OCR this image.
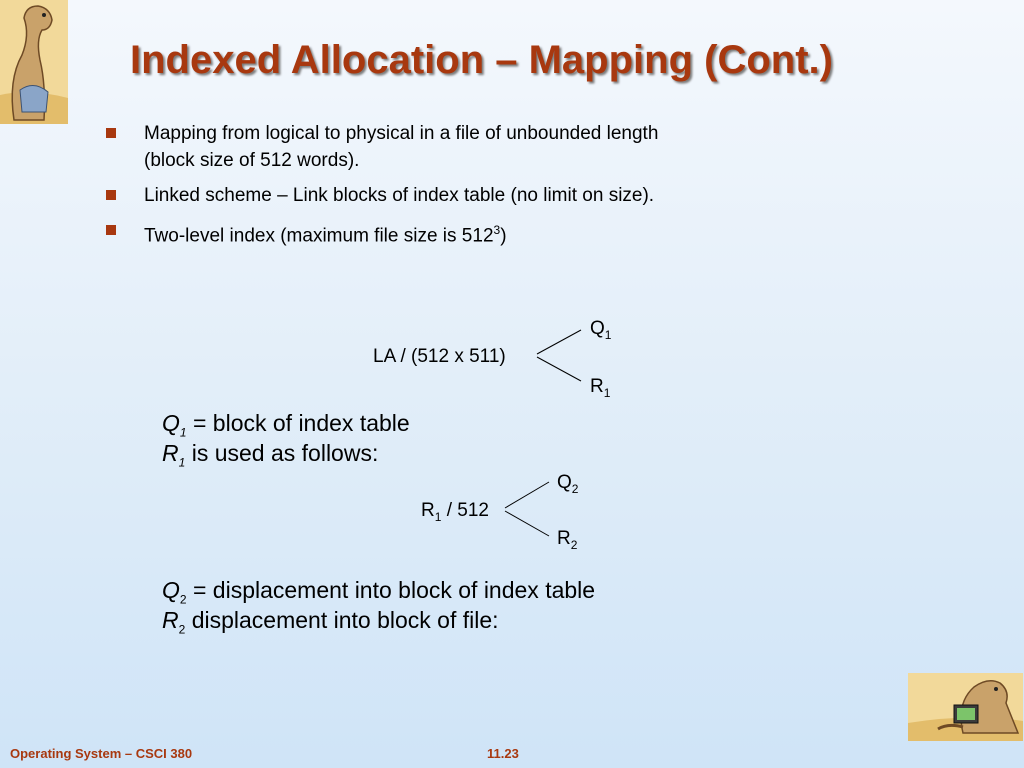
Indexed Allocation – Mapping (Cont.)
Mapping from logical to physical in a file of unbounded length
(block size of 512 words).
Linked scheme – Link blocks of index table (no limit on size).
Two-level index (maximum file size is $512^3$)
LA / (512 x 511)
$Q_1$
$R_1$
$Q_1$ = block of index table
$R_1$ is used as follows:
$R_1 / 512$
$Q_2$
$R_2$
$Q_2$ = displacement into block of index table
$R_2$ displacement into block of file:
Operating System – CSCI 380	11.23
